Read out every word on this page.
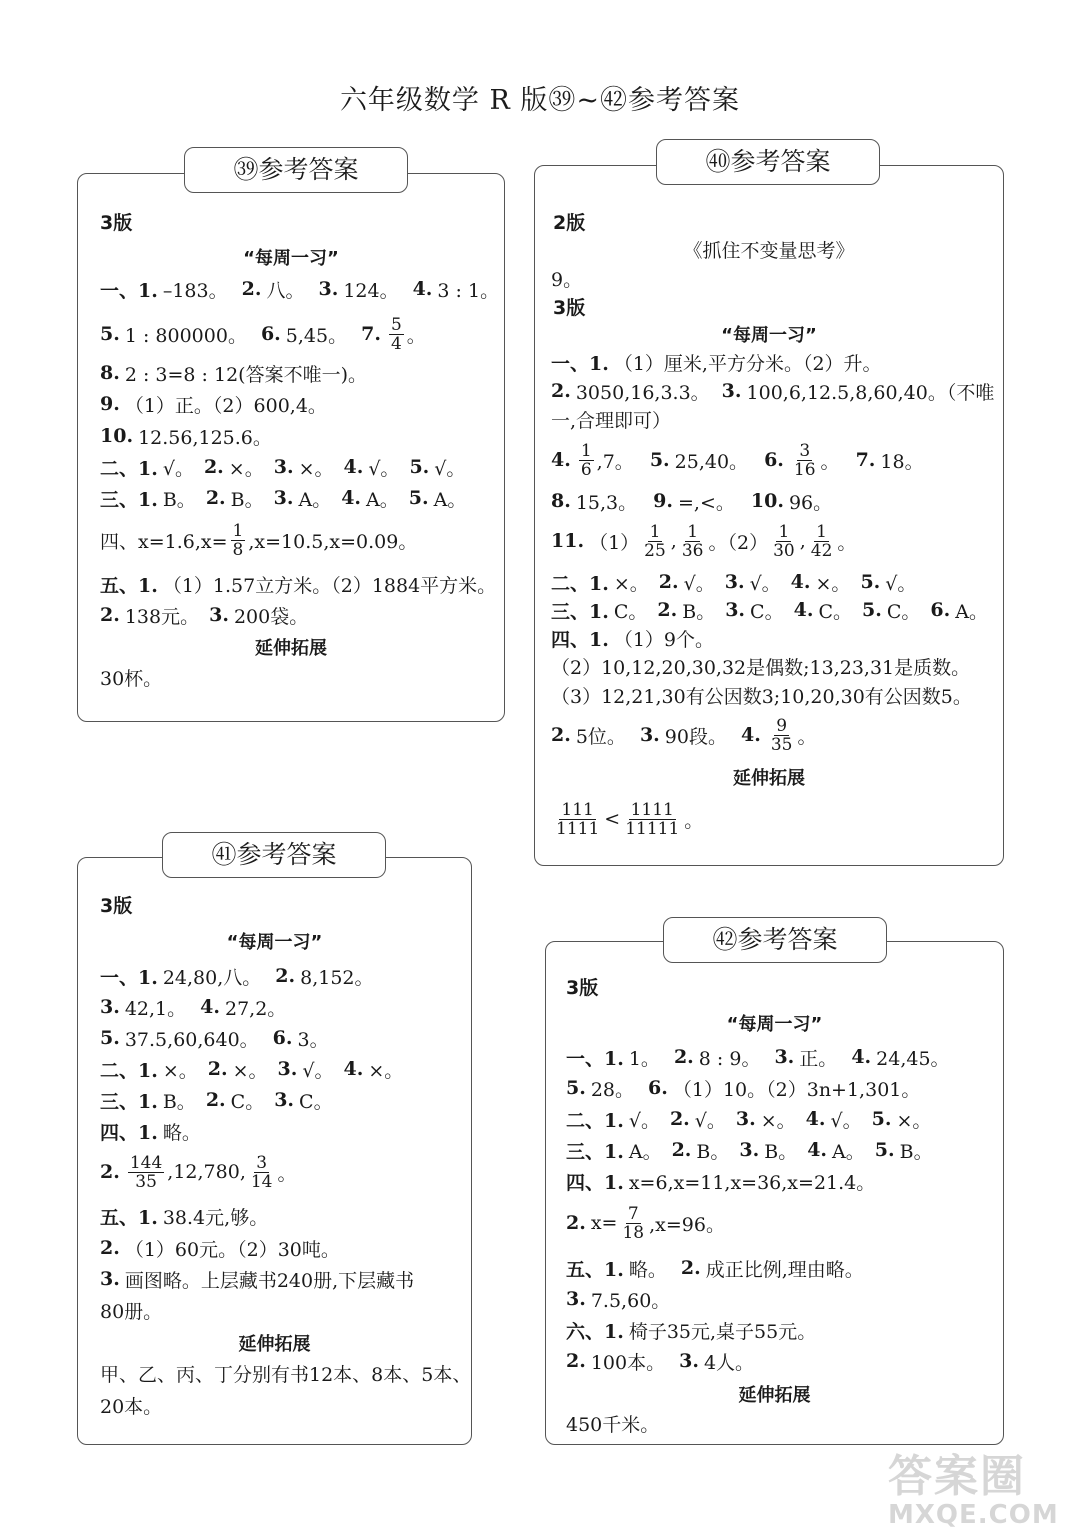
六年级数学 R 版㊴~㊷参考答案
3版
“每周一习”
一、1. –183。 2. 八。 3. 124。 4. 3 : 1。
5. 1 : 800000。 6. 5,45。 7. $\frac{5}{4}$ 。
8. 2 : 3=8 : 12(答案不唯一)。
9. （1）正。（2）600,4。
10. 12.56,125.6。
二、1. √。 2. ×。 3. ×。 4. √。 5. √。
三、1. B。 2. B。 3. A。 4. A。 5. A。
四、$x=1.6,x= \frac{1}{8} ,x=10.5,x=0.09$。
五、1. （1）1.57立方米。（2）1884平方米。
2. 138元。 3. 200袋。
延伸拓展
30杯。
㊴参考答案
2版
《抓住不变量思考》
9。
3版
“每周一习”
一、1. （1）厘米,平方分米。（2）升。
2. 3050,16,3.3。 3. 100,6,12.5,8,60,40。（不唯
一,合理即可）
4. $\frac{1}{6} ,7$。 5. 25,40。 6. $\frac{3}{16}$ 。 7. 18。
8. 15,3。 9. =,<。 10. 96。
11. $(1) \frac{1}{25}$ , $\frac{1}{36}$ 。$(2) \frac{1}{30}$ , $\frac{1}{42}$ 。
二、1. ×。 2. √。 3. √。 4. ×。 5. √。
三、1. C。 2. B。 3. C。 4. C。 5. C。 6. A。
四、1. （1）9个。
（2）10,12,20,30,32是偶数;13,23,31是质数。
（3）12,21,30有公因数3;10,20,30有公因数5。
2. 5位。 3. 90段。 4. $\frac{9}{35}$ 。
延伸拓展
$\frac{111}{1111} < \frac{1111}{11111}$ 。
㊵参考答案
3版
“每周一习”
一、1. 24,80,八。 2. 8,152。
3. 42,1。 4. 27,2。
5. 37.5,60,640。 6. 3。
二、1. ×。 2. ×。 3. √。 4. ×。
三、1. B。 2. C。 3. C。
四、1. 略。
2. $\frac{144}{35} ,12,780$, $\frac{3}{14}$ 。
五、1. 38.4元,够。
2. （1）60元。（2）30吨。
3. 画图略。上层藏书240册,下层藏书
80册。
延伸拓展
甲、乙、丙、丁分别有书12本、8本、5本、
20本。
㊶参考答案
3版
“每周一习”
一、1. 1。 2. 8 : 9。 3. 正。 4. 24,45。
5. 28。 6. （1）10。（2）3n+1,301。
二、1. √。 2. √。 3. ×。 4. √。 5. ×。
三、1. A。 2. B。 3. B。 4. A。 5. B。
四、1. x=6,x=11,x=36,x=21.4。
2. $x= \frac{7}{18} ,x=96$。
五、1. 略。 2. 成正比例,理由略。
3. 7.5,60。
六、1. 椅子35元,桌子55元。
2. 100本。 3. 4人。
延伸拓展
450千米。
㊷参考答案
答案圈
MXQE.COM
